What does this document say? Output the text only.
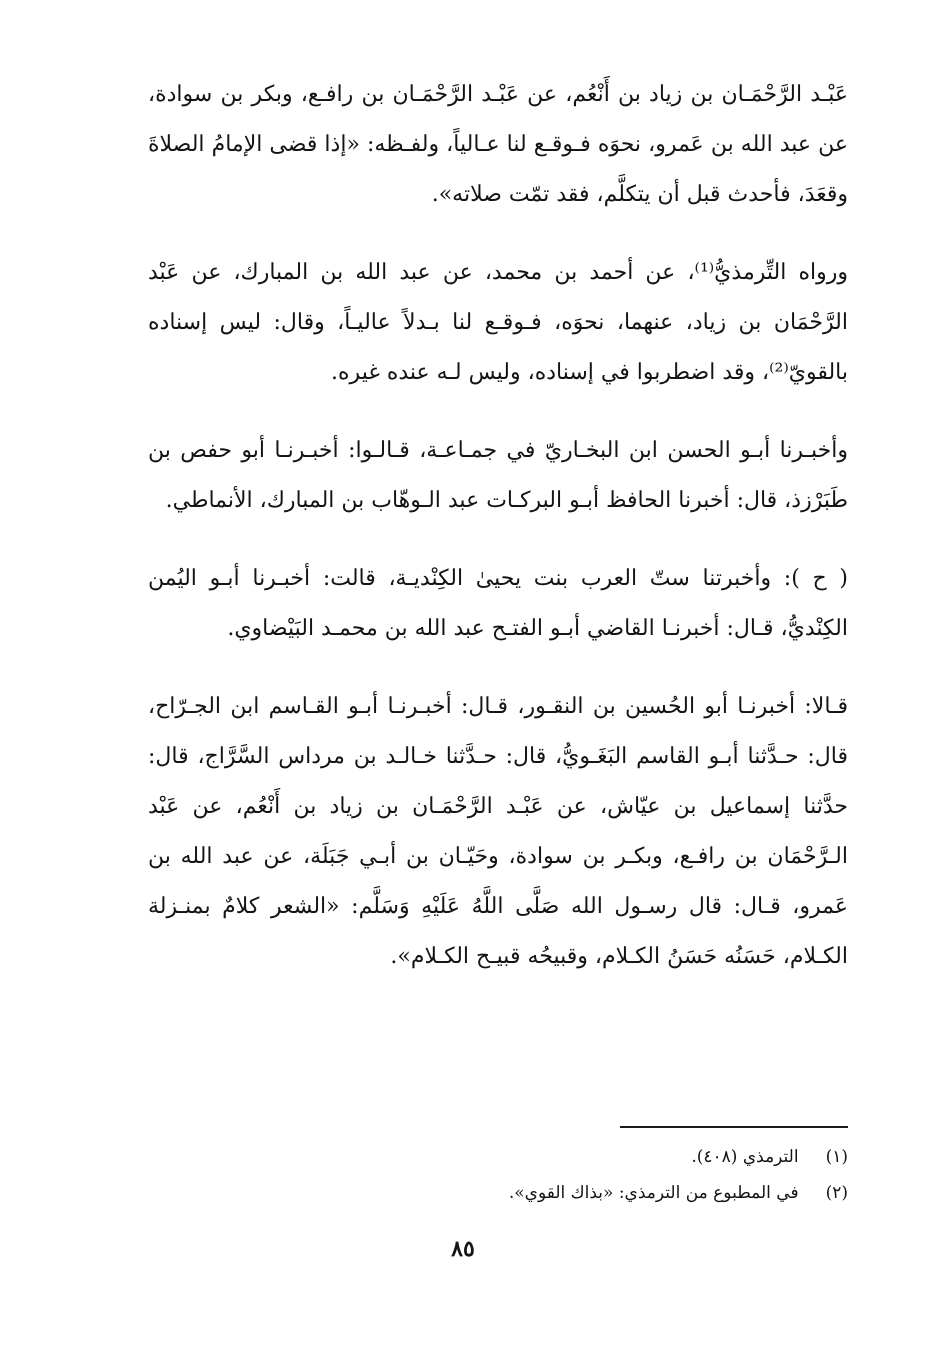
عَبْـد الرَّحْمَـان بن زياد بن أَنْعُم، عن عَبْـد الرَّحْمَـان بن رافـع، وبكر بن سوادة، عن عبد الله بن عَمرو، نحوَه فـوقـع لنا عـالياً، ولفـظه: «إذا قضى الإمامُ الصلاةَ وقعَدَ، فأحدث قبل أن يتكلَّم، فقد تمّت صلاته».

ورواه التِّرمذيُّ⁽¹⁾، عن أحمد بن محمد، عن عبد الله بن المبارك، عن عَبْد الرَّحْمَان بن زياد، عنهما، نحوَه، فـوقـع لنا بـدلاً عاليـاً، وقال: ليس إسناده بالقويّ⁽²⁾، وقد اضطربوا في إسناده، وليس لـه عنده غيره.

وأخبـرنا أبـو الحسن ابن البخـاريّ في جمـاعـة، قـالـوا: أخبـرنـا أبو حفص بن طَبَرْزذ، قال: أخبرنا الحافظ أبـو البركـات عبد الـوهّاب بن المبارك، الأنماطي.

( ح ): وأخبرتنا ستّ العرب بنت يحيىٰ الكِنْديـة، قالت: أخبـرنا أبـو اليُمن الكِنْديُّ، قـال: أخبرنـا القاضي أبـو الفتـح عبد الله بن محمـد البَيْضاوي.

قـالا: أخبرنـا أبو الحُسين بن النقـور، قـال: أخبـرنـا أبـو القـاسم ابن الجـرّاح، قال: حـدَّثنا أبـو القاسم البَغَـويُّ، قال: حـدَّثنا خـالـد بن مرداس السَّرَّاج، قال: حدَّثنا إسماعيل بن عيّاش، عن عَبْـد الرَّحْمَـان بن زياد بن أَنْعُم، عن عَبْد الـرَّحْمَان بن رافـع، وبكـر بن سوادة، وحَيّـان بن أبـي جَبَلَة، عن عبد الله بن عَمرو، قـال: قال رسـول الله صَلَّى اللَّهُ عَلَيْهِ وَسَلَّم: «الشعر كلامٌ بمنـزلة الكـلام، حَسَنُه حَسَنُ الكـلام، وقبيحُه قبيـح الكـلام».

(١) الترمذي (٤٠٨).

(٢) في المطبوع من الترمذي: «بذاك القوي».

٨٥
